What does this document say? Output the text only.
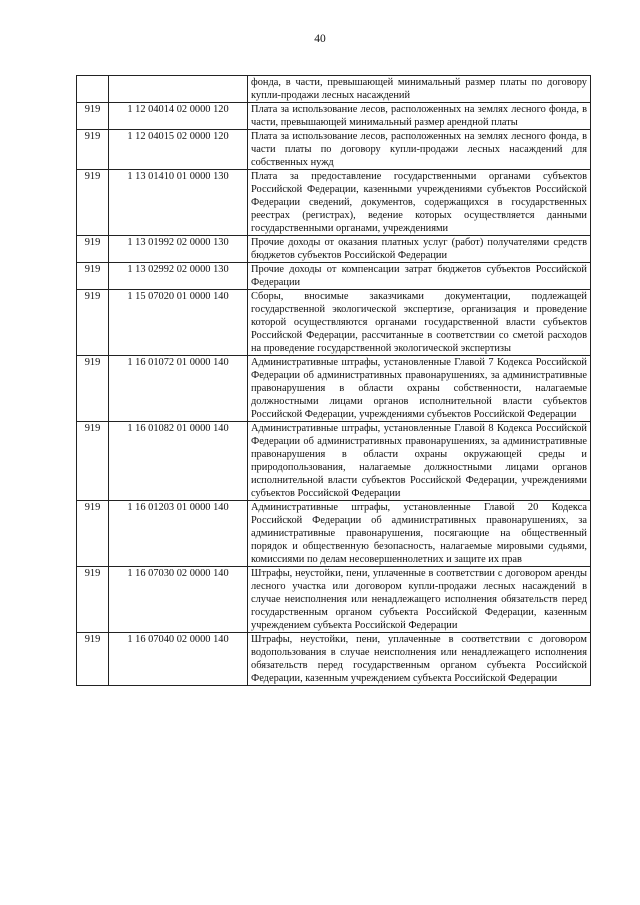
40
		фонда, в части, превышающей минимальный размер платы по договору купли-продажи лесных насаждений
919	1 12 04014 02 0000 120	Плата за использование лесов, расположенных на землях лесного фонда, в части, превышающей минимальный размер арендной платы
919	1 12 04015 02 0000 120	Плата за использование лесов, расположенных на землях лесного фонда, в части платы по договору купли-продажи лесных насаждений для собственных нужд
919	1 13 01410 01 0000 130	Плата за предоставление государственными органами субъектов Российской Федерации, казенными учреждениями субъектов Российской Федерации сведений, документов, содержащихся в государственных реестрах (регистрах), ведение которых осуществляется данными государственными органами, учреждениями
919	1 13 01992 02 0000 130	Прочие доходы от оказания платных услуг (работ) получателями средств бюджетов субъектов Российской Федерации
919	1 13 02992 02 0000 130	Прочие доходы от компенсации затрат бюджетов субъектов Российской Федерации
919	1 15 07020 01 0000 140	Сборы, вносимые заказчиками документации, подлежащей государственной экологической экспертизе, организация и проведение которой осуществляются органами государственной власти субъектов Российской Федерации, рассчитанные в соответствии со сметой расходов на проведение государственной экологической экспертизы
919	1 16 01072 01 0000 140	Административные штрафы, установленные Главой 7 Кодекса Российской Федерации об административных правонарушениях, за административные правонарушения в области охраны собственности, налагаемые должностными лицами органов исполнительной власти субъектов Российской Федерации, учреждениями субъектов Российской Федерации
919	1 16 01082 01 0000 140	Административные штрафы, установленные Главой 8 Кодекса Российской Федерации об административных правонарушениях, за административные правонарушения в области охраны окружающей среды и природопользования, налагаемые должностными лицами органов исполнительной власти субъектов Российской Федерации, учреждениями субъектов Российской Федерации
919	1 16 01203 01 0000 140	Административные штрафы, установленные Главой 20 Кодекса Российской Федерации об административных правонарушениях, за административные правонарушения, посягающие на общественный порядок и общественную безопасность, налагаемые мировыми судьями, комиссиями по делам несовершеннолетних и защите их прав
919	1 16 07030 02 0000 140	Штрафы, неустойки, пени, уплаченные в соответствии с договором аренды лесного участка или договором купли-продажи лесных насаждений в случае неисполнения или ненадлежащего исполнения обязательств перед государственным органом субъекта Российской Федерации, казенным учреждением субъекта Российской Федерации
919	1 16 07040 02 0000 140	Штрафы, неустойки, пени, уплаченные в соответствии с договором водопользования в случае неисполнения или ненадлежащего исполнения обязательств перед государственным органом субъекта Российской Федерации, казенным учреждением субъекта Российской Федерации
